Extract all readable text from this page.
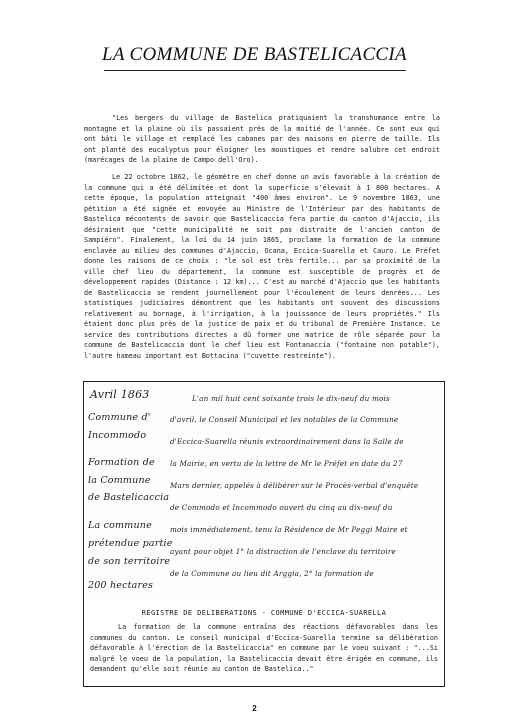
LA COMMUNE DE BASTELICACCIA
"Les bergers du village de Bastelica pratiquaient la transhumance entre la montagne et la plaine où ils passaient près de la moitié de l'année. Ce sont eux qui ont bâti le village et remplacé les cabanes par des maisons en pierre de taille. Ils ont planté des eucalyptus pour éloigner les moustiques et rendre salubre cet endroit (marécages de la plaine de Campo dell'Oro).
Le 22 octobre 1862, le géomètre en chef donne un avis favorable à la création de la commune qui a été délimitée et dont la superficie s'élevait à 1 800 hectares. A cette époque, la population atteignait "400 âmes environ". Le 9 novembre 1863, une pétition a été signée et envoyée au Ministre de l'Intérieur par des habitants de Bastelica mécontents de savoir que Bastelicaccia fera partie du canton d'Ajaccio, ils désiraient que "cette municipalité ne soit pas distraite de l'ancien canton de Sampiéro". Finalement, la loi du 14 juin 1865, proclame la formation de la commune enclavée au milieu des communes d'Ajaccio, Ocana, Eccica-Suarella et Cauro. Le Préfet donne les raisons de ce choix : "le sol est très fertile... par sa proximité de la ville chef lieu du département, la commune est susceptible de progrès et de développement rapides (Distance : 12 km)... C'est au marché d'Ajaccio que les habitants de Bastelicaccia se rendent journellement pour l'écoulement de leurs denrées... Les statistiques judiciaires démontrent que les habitants ont souvent des discussions relativement au bornage, à l'irrigation, à la jouissance de leurs propriétés." Ils étaient donc plus près de la justice de paix et du tribunal de Première Instance. Le service des contributions directes a dû former une matrice de rôle séparée pour la commune de Bastelicaccia dont le chef lieu est Fontanaccia ("fontaine non potable"), l'autre hameau important est Bottacina ("cuvette restreinte").
Avril 1863
Commune d'
Incommodo
Formation de
la Commune
de Bastelicaccia
La commune
prétendue partie
de son territoire
200 hectares
L'an mil huit cent soixante trois le dix-neuf du mois
d'avril, le Conseil Municipal et les notables de la Commune
d'Eccica-Suarella réunis extraordinairement dans la Salle de
la Mairie, en vertu de la lettre de Mr le Préfet en date du 27
Mars dernier, appelés à délibérer sur le Procès-verbal d'enquête
de Commodo et Incommodo ouvert du cinq au dix-neuf du
mois immédiatement, tenu la Résidence de Mr Peggi Maire et
ayant pour objet 1° la distraction de l'enclave du territoire
de la Commune au lieu dit Arggia, 2° la formation de
REGISTRE DE DELIBERATIONS - COMMUNE D'ECCICA-SUARELLA
La formation de la commune entraîna des réactions défavorables dans les communes du canton. Le conseil municipal d'Eccica-Suarella termine sa délibération défavorable à l'érection de la Bastelicaccia" en commune par le voeu suivant : "...Si malgré le voeu de la population, la Bastelicaccia devait être érigée en commune, ils demandent qu'elle soit réunie au canton de Bastelica.."
2
